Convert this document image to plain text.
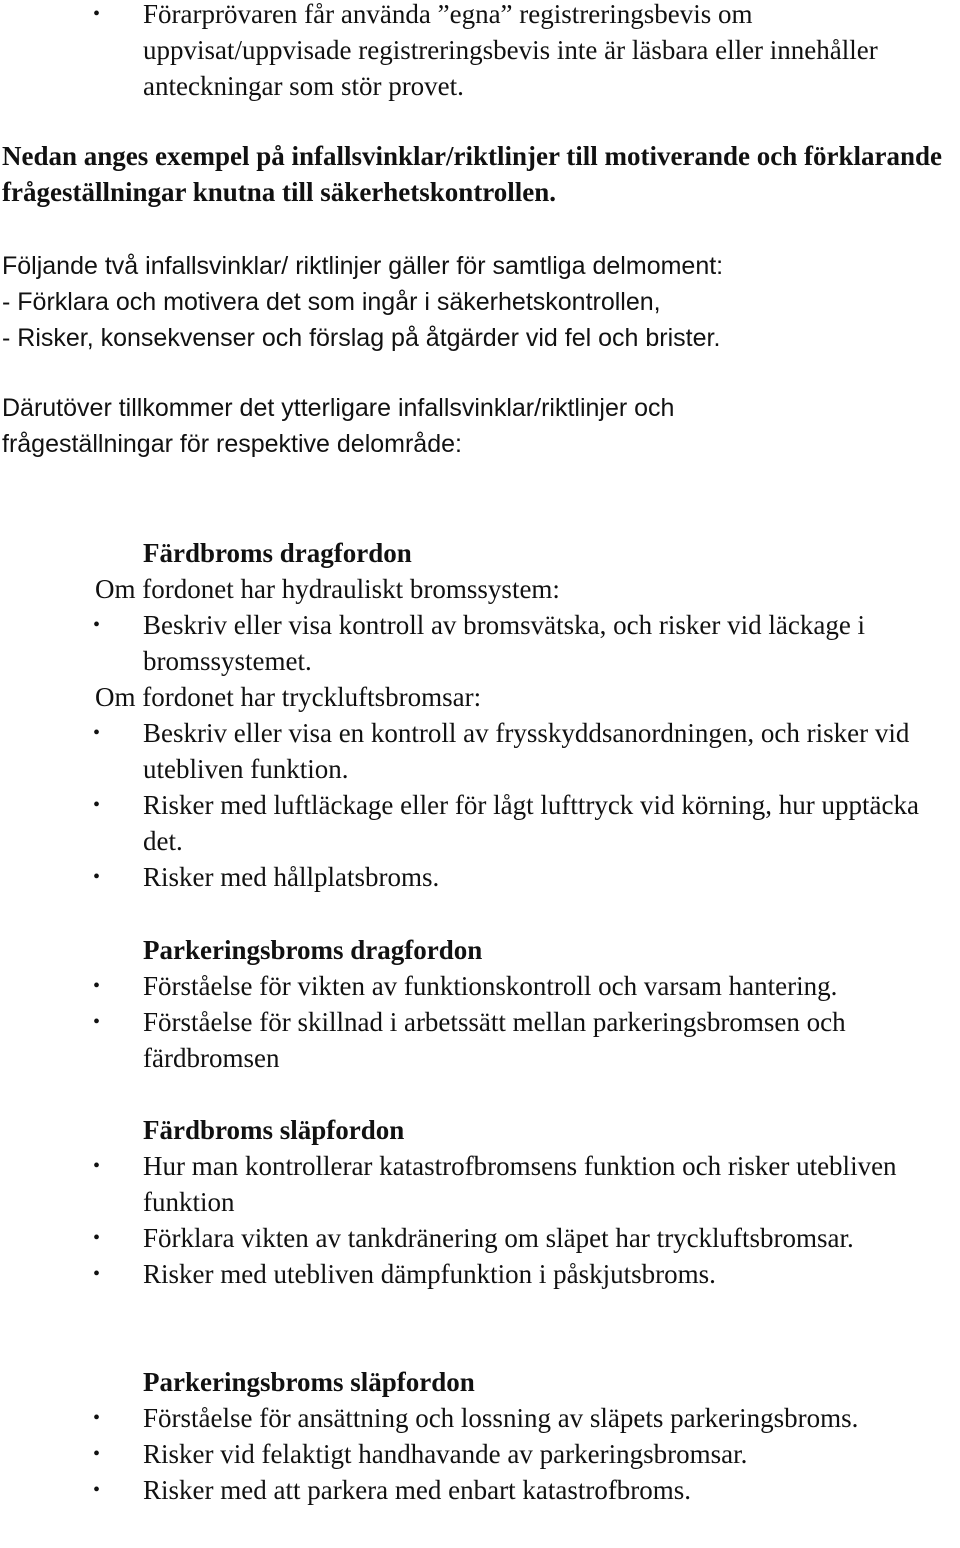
•	Förarprövaren får använda ”egna” registreringsbevis om uppvisat/uppvisade registreringsbevis inte är läsbara eller innehåller anteckningar som stör provet.

Nedan anges exempel på infallsvinklar/riktlinjer till motiverande och förklarande frågeställningar knutna till säkerhetskontrollen.

Följande två infallsvinklar/ riktlinjer gäller för samtliga delmoment:

- Förklara och motivera det som ingår i säkerhetskontrollen,

- Risker, konsekvenser och förslag på åtgärder vid fel och brister.

Därutöver tillkommer det ytterligare infallsvinklar/riktlinjer och frågeställningar för respektive delområde:

Färdbroms dragfordon

Om fordonet har hydrauliskt bromssystem:

•	Beskriv eller visa kontroll av bromsvätska, och risker vid läckage i bromssystemet.

Om fordonet har tryckluftsbromsar:

•	Beskriv eller visa en kontroll av frysskyddsanordningen, och risker vid utebliven funktion.

•	Risker med luftläckage eller för lågt lufttryck vid körning, hur upptäcka det.

•	Risker med hållplatsbroms.

Parkeringsbroms dragfordon

•	Förståelse för vikten av funktionskontroll och varsam hantering.

•	Förståelse för skillnad i arbetssätt mellan parkeringsbromsen och färdbromsen

Färdbroms släpfordon

•	Hur man kontrollerar katastrofbromsens funktion och risker utebliven funktion

•	Förklara vikten av tankdränering om släpet har tryckluftsbromsar.

•	Risker med utebliven dämpfunktion i påskjutsbroms.

Parkeringsbroms släpfordon

•	Förståelse för ansättning och lossning av släpets parkeringsbroms.

•	Risker vid felaktigt handhavande av parkeringsbromsar.

•	Risker med att parkera med enbart katastrofbroms.
